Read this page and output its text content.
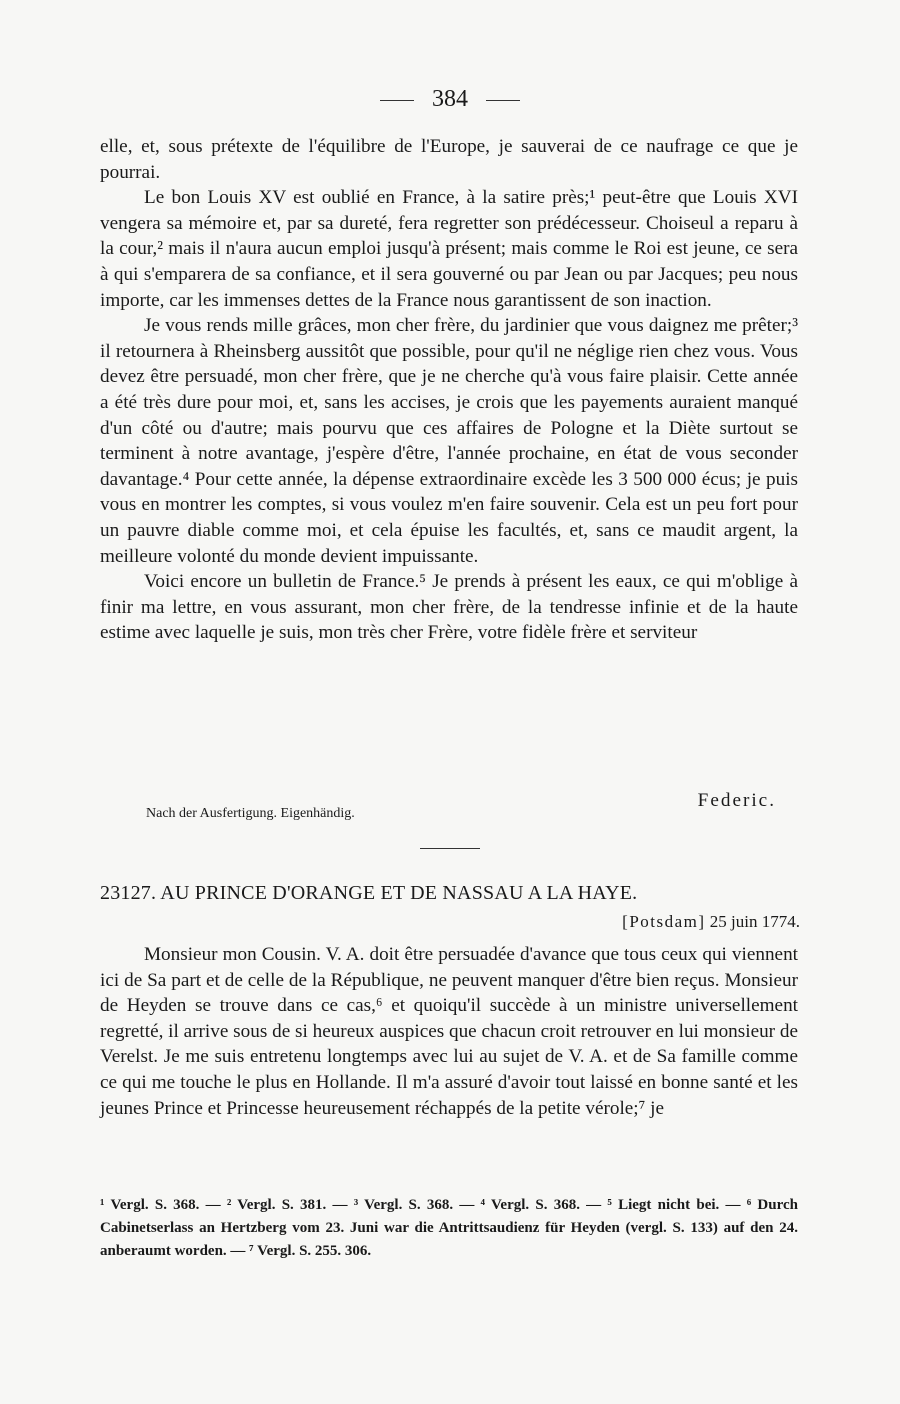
384

elle, et, sous prétexte de l'équilibre de l'Europe, je sauverai de ce naufrage ce que je pourrai.

Le bon Louis XV est oublié en France, à la satire près;¹ peut-être que Louis XVI vengera sa mémoire et, par sa dureté, fera regretter son prédécesseur. Choiseul a reparu à la cour,² mais il n'aura aucun emploi jusqu'à présent; mais comme le Roi est jeune, ce sera à qui s'emparera de sa confiance, et il sera gouverné ou par Jean ou par Jacques; peu nous importe, car les immenses dettes de la France nous garantissent de son inaction.

Je vous rends mille grâces, mon cher frère, du jardinier que vous daignez me prêter;³ il retournera à Rheinsberg aussitôt que possible, pour qu'il ne néglige rien chez vous. Vous devez être persuadé, mon cher frère, que je ne cherche qu'à vous faire plaisir. Cette année a été très dure pour moi, et, sans les accises, je crois que les payements auraient manqué d'un côté ou d'autre; mais pourvu que ces affaires de Pologne et la Diète surtout se terminent à notre avantage, j'espère d'être, l'année prochaine, en état de vous seconder davantage.⁴ Pour cette année, la dépense extraordinaire excède les 3 500 000 écus; je puis vous en montrer les comptes, si vous voulez m'en faire souvenir. Cela est un peu fort pour un pauvre diable comme moi, et cela épuise les facultés, et, sans ce maudit argent, la meilleure volonté du monde devient impuissante.

Voici encore un bulletin de France.⁵ Je prends à présent les eaux, ce qui m'oblige à finir ma lettre, en vous assurant, mon cher frère, de la tendresse infinie et de la haute estime avec laquelle je suis, mon très cher Frère, votre fidèle frère et serviteur

Federic.
Nach der Ausfertigung. Eigenhändig.
23127. AU PRINCE D'ORANGE ET DE NASSAU A LA HAYE.
[Potsdam] 25 juin 1774.

Monsieur mon Cousin. V. A. doit être persuadée d'avance que tous ceux qui viennent ici de Sa part et de celle de la République, ne peuvent manquer d'être bien reçus. Monsieur de Heyden se trouve dans ce cas,⁶ et quoiqu'il succède à un ministre universellement regretté, il arrive sous de si heureux auspices que chacun croit retrouver en lui monsieur de Verelst. Je me suis entretenu longtemps avec lui au sujet de V. A. et de Sa famille comme ce qui me touche le plus en Hollande. Il m'a assuré d'avoir tout laissé en bonne santé et les jeunes Prince et Princesse heureusement réchappés de la petite vérole;⁷ je

¹ Vergl. S. 368. — ² Vergl. S. 381. — ³ Vergl. S. 368. — ⁴ Vergl. S. 368. — ⁵ Liegt nicht bei. — ⁶ Durch Cabinetserlass an Hertzberg vom 23. Juni war die Antrittsaudienz für Heyden (vergl. S. 133) auf den 24. anberaumt worden. — ⁷ Vergl. S. 255. 306.
